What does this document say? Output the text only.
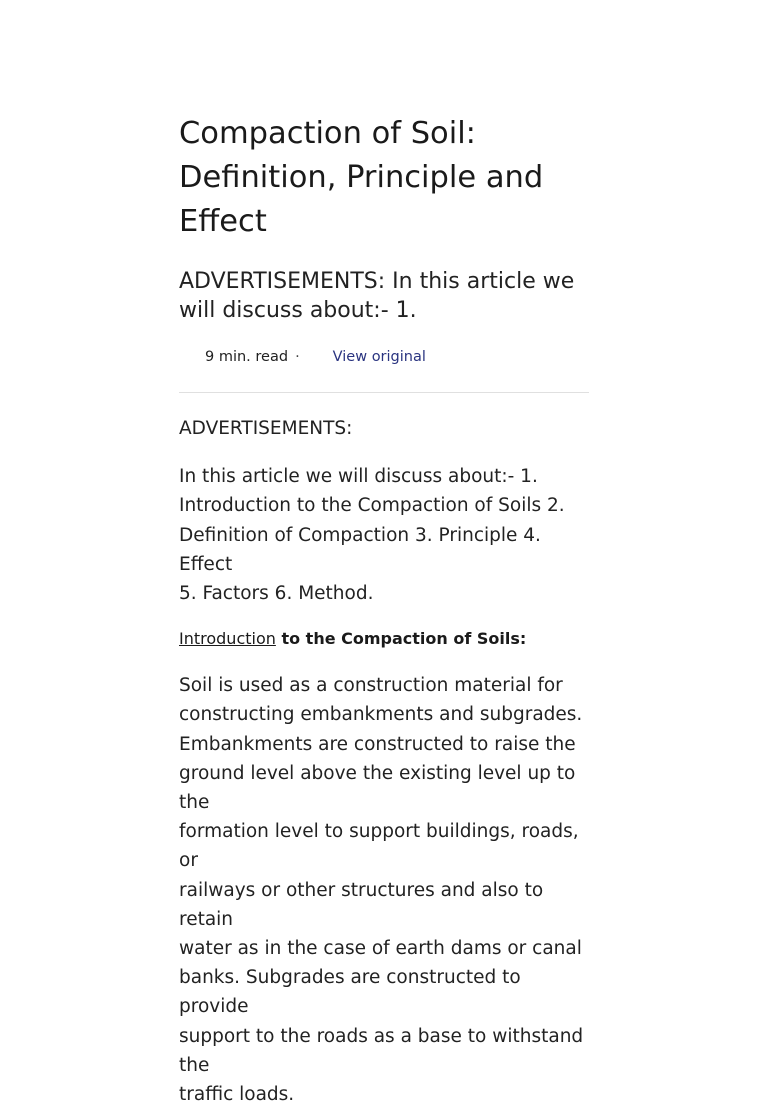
Compaction of Soil:
Definition, Principle and
Effect
ADVERTISEMENTS: In this article we
will discuss about:- 1.
9 min. read · View original

ADVERTISEMENTS:

In this article we will discuss about:- 1.
Introduction to the Compaction of Soils 2.
Definition of Compaction 3. Principle 4. Effect
5. Factors 6. Method.

Introduction to the Compaction of Soils:

Soil is used as a construction material for
constructing embankments and subgrades.
Embankments are constructed to raise the
ground level above the existing level up to the
formation level to support buildings, roads, or
railways or other structures and also to retain
water as in the case of earth dams or canal
banks. Subgrades are constructed to provide
support to the roads as a base to withstand the
traffic loads.
